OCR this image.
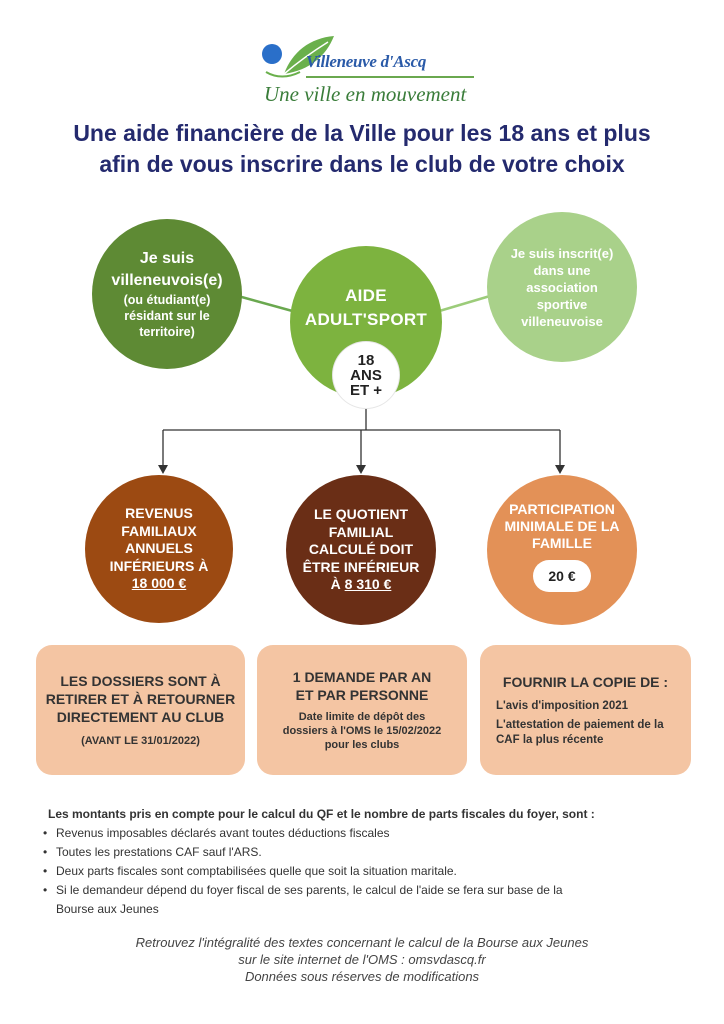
Villeneuve d'Ascq
Une ville en mouvement
Une aide financière de la Ville pour les 18 ans et plus
afin de vous inscrire dans le club de votre choix
Je suis
villeneuvois(e)
(ou étudiant(e)
résidant sur le
territoire)
AIDE
ADULT'SPORT
Je suis inscrit(e)
dans une
association
sportive
villeneuvoise
18
ANS
ET +
REVENUS
FAMILIAUX
ANNUELS
INFÉRIEURS À
18 000 €
LE QUOTIENT
FAMILIAL
CALCULÉ DOIT
ÊTRE INFÉRIEUR
À 8 310 €
PARTICIPATION
MINIMALE DE LA
FAMILLE
20 €
LES DOSSIERS SONT À
RETIRER ET À RETOURNER
DIRECTEMENT AU CLUB
(AVANT LE 31/01/2022)
1 DEMANDE PAR AN
ET PAR PERSONNE
Date limite de dépôt des
dossiers à l'OMS le 15/02/2022
pour les clubs
FOURNIR LA COPIE DE :
L'avis d'imposition 2021
L'attestation de paiement de la
CAF la plus récente
Les montants pris en compte pour le calcul du QF et le nombre de parts fiscales du foyer, sont :
• Revenus imposables déclarés avant toutes déductions fiscales
• Toutes les prestations CAF sauf l'ARS.
• Deux parts fiscales sont comptabilisées quelle que soit la situation maritale.
• Si le demandeur dépend du foyer fiscal de ses parents, le calcul de l'aide se fera sur base de la
Bourse aux Jeunes
Retrouvez l'intégralité des textes concernant le calcul de la Bourse aux Jeunes
sur le site internet de l'OMS : omsvdascq.fr
Données sous réserves de modifications
